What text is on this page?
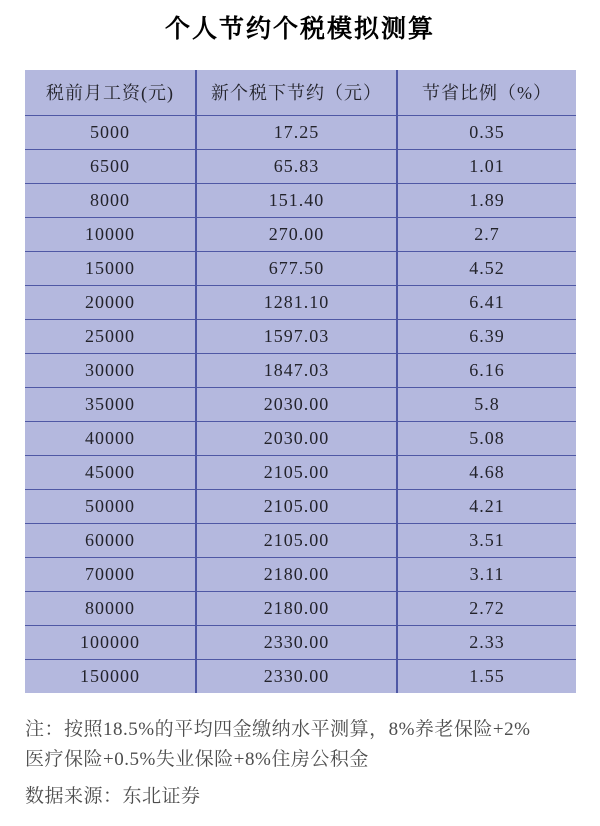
个人节约个税模拟测算
税前月工资(元)	新个税下节约（元）	节省比例（%）
5000	17.25	0.35
6500	65.83	1.01
8000	151.40	1.89
10000	270.00	2.7
15000	677.50	4.52
20000	1281.10	6.41
25000	1597.03	6.39
30000	1847.03	6.16
35000	2030.00	5.8
40000	2030.00	5.08
45000	2105.00	4.68
50000	2105.00	4.21
60000	2105.00	3.51
70000	2180.00	3.11
80000	2180.00	2.72
100000	2330.00	2.33
150000	2330.00	1.55

注：按照18.5%的平均四金缴纳水平测算，8%养老保险+2%
医疗保险+0.5%失业保险+8%住房公积金

数据来源：东北证券
